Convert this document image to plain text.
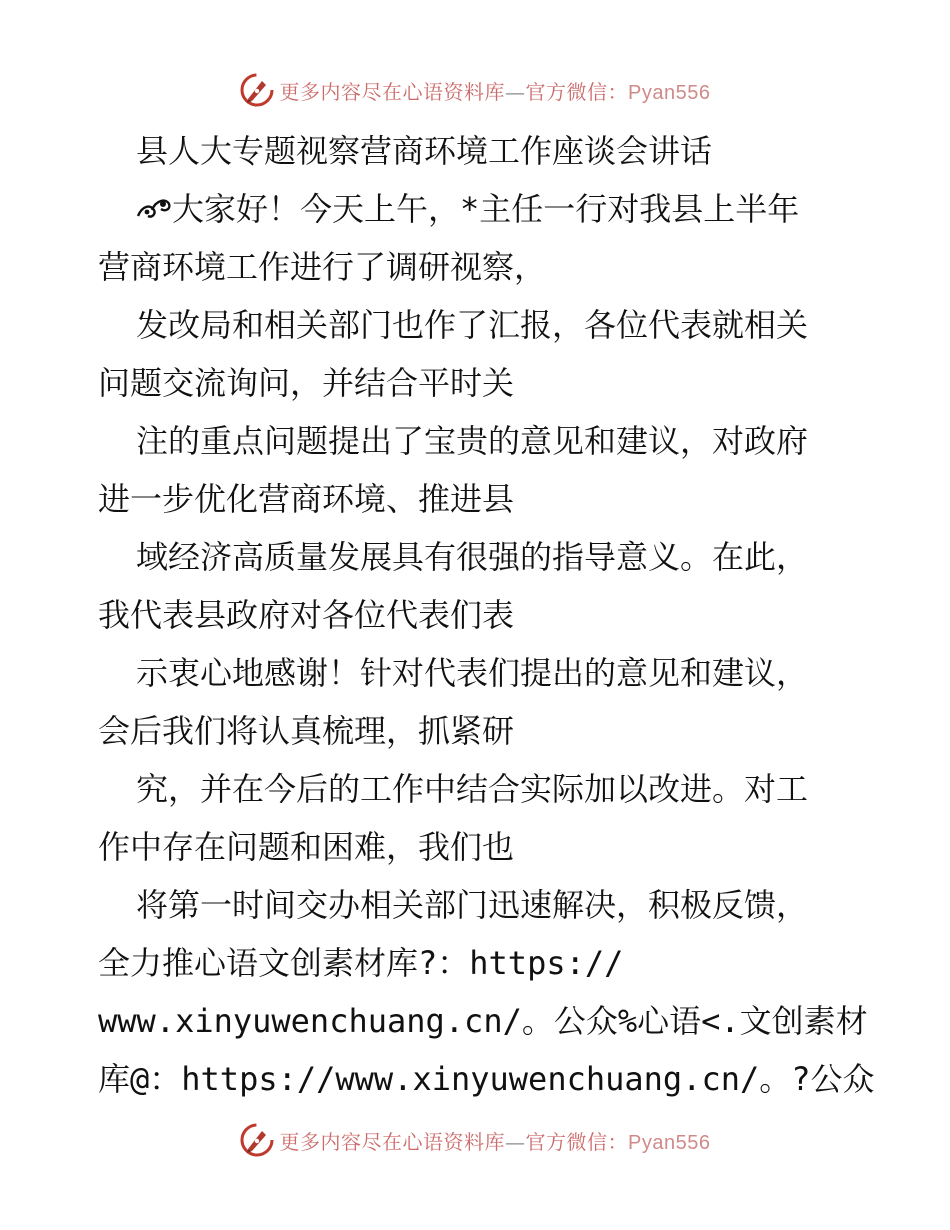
更多内容尽在心语资料库—官方微信：Pyan556
县人大专题视察营商环境工作座谈会讲话
大家好！今天上午，*主任一行对我县上半年
营商环境工作进行了调研视察，
发改局和相关部门也作了汇报，各位代表就相关
问题交流询问，并结合平时关
注的重点问题提出了宝贵的意见和建议，对政府
进一步优化营商环境、推进县
域经济高质量发展具有很强的指导意义。在此，
我代表县政府对各位代表们表
示衷心地感谢！针对代表们提出的意见和建议，
会后我们将认真梳理，抓紧研
究，并在今后的工作中结合实际加以改进。对工
作中存在问题和困难，我们也
将第一时间交办相关部门迅速解决，积极反馈，
全力推心语文创素材库?：https://
www.xinyuwenchuang.cn/。公众%心语<.文创素材
库@：https://www.xinyuwenchuang.cn/。?公众
更多内容尽在心语资料库—官方微信：Pyan556
